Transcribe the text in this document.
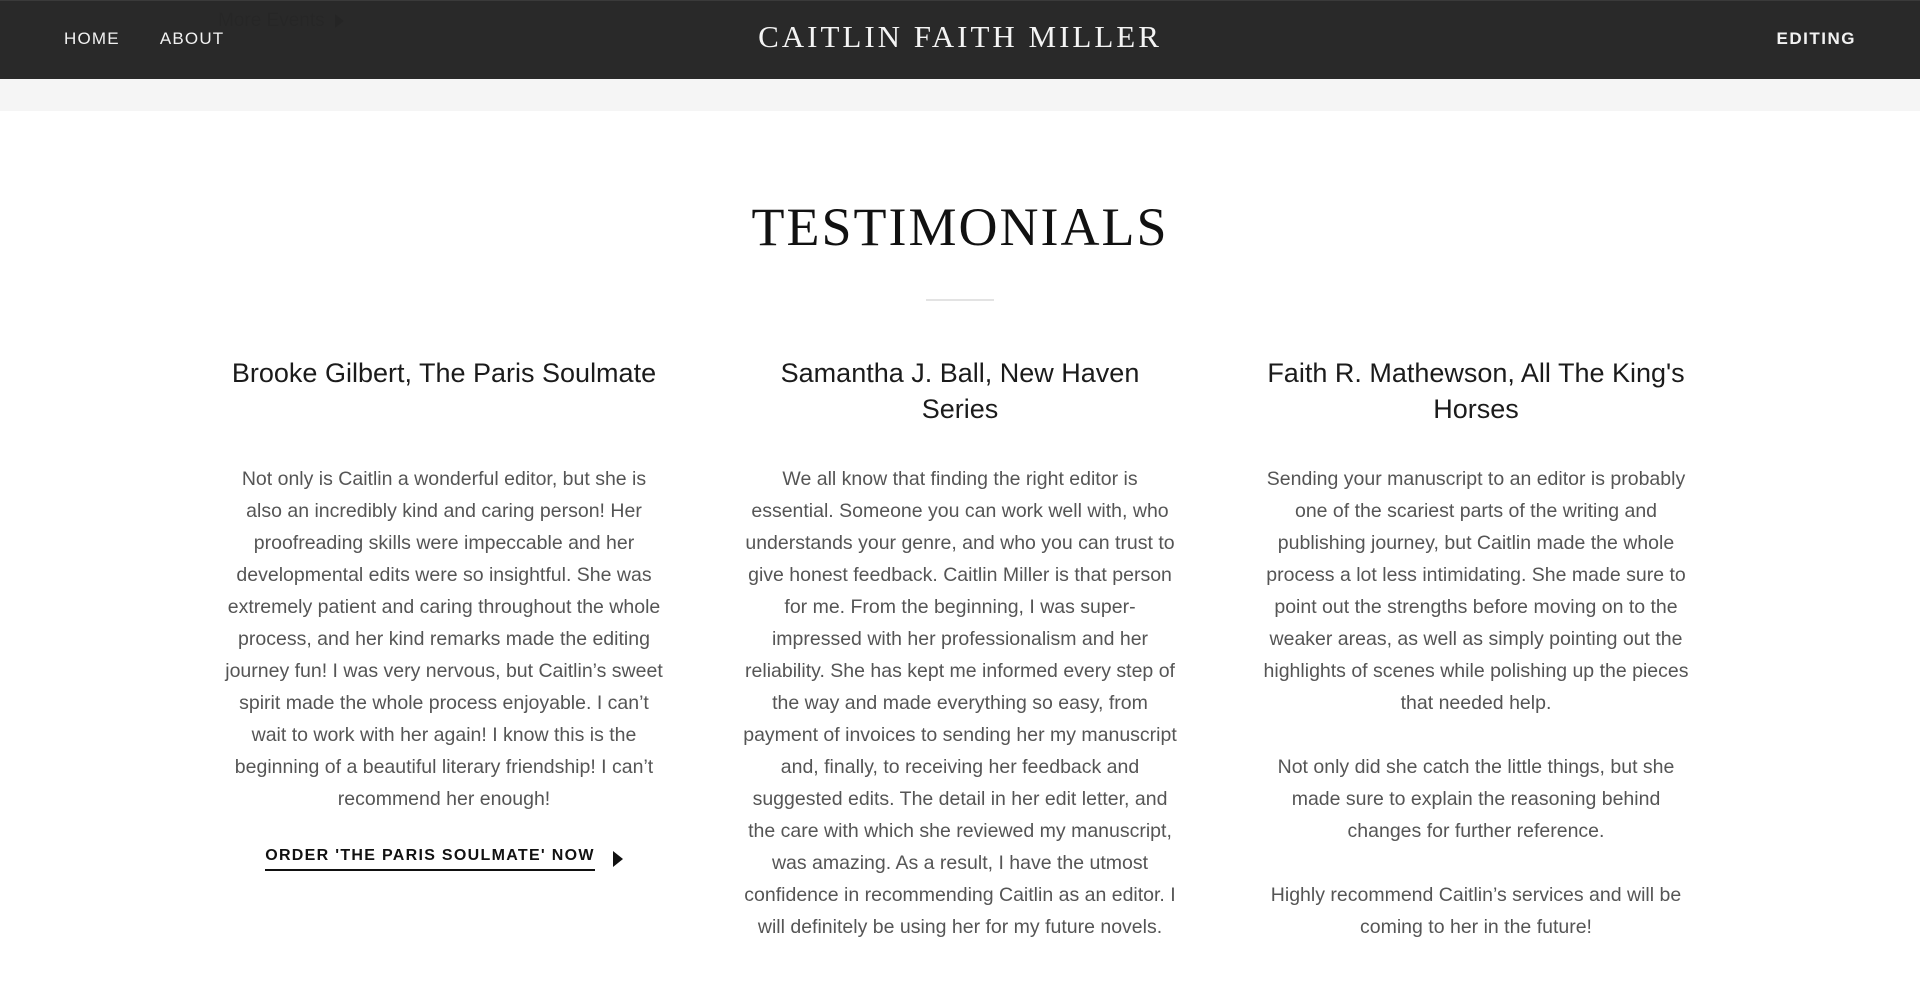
HOME ABOUT	CAITLIN FAITH MILLER	EDITING
TESTIMONIALS
Brooke Gilbert, The Paris Soulmate

Not only is Caitlin a wonderful editor, but she is also an incredibly kind and caring person! Her proofreading skills were impeccable and her developmental edits were so insightful. She was extremely patient and caring throughout the whole process, and her kind remarks made the editing journey fun! I was very nervous, but Caitlin’s sweet spirit made the whole process enjoyable. I can’t wait to work with her again! I know this is the beginning of a beautiful literary friendship! I can’t recommend her enough!

ORDER 'THE PARIS SOULMATE' NOW
Samantha J. Ball, New Haven Series

We all know that finding the right editor is essential. Someone you can work well with, who understands your genre, and who you can trust to give honest feedback. Caitlin Miller is that person for me. From the beginning, I was super-impressed with her professionalism and her reliability. She has kept me informed every step of the way and made everything so easy, from payment of invoices to sending her my manuscript and, finally, to receiving her feedback and suggested edits. The detail in her edit letter, and the care with which she reviewed my manuscript, was amazing. As a result, I have the utmost confidence in recommending Caitlin as an editor. I will definitely be using her for my future novels.

Faith R. Mathewson, All The King's Horses

Sending your manuscript to an editor is probably one of the scariest parts of the writing and publishing journey, but Caitlin made the whole process a lot less intimidating. She made sure to point out the strengths before moving on to the weaker areas, as well as simply pointing out the highlights of scenes while polishing up the pieces that needed help.

Not only did she catch the little things, but she made sure to explain the reasoning behind changes for further reference.

Highly recommend Caitlin’s services and will be coming to her in the future!
